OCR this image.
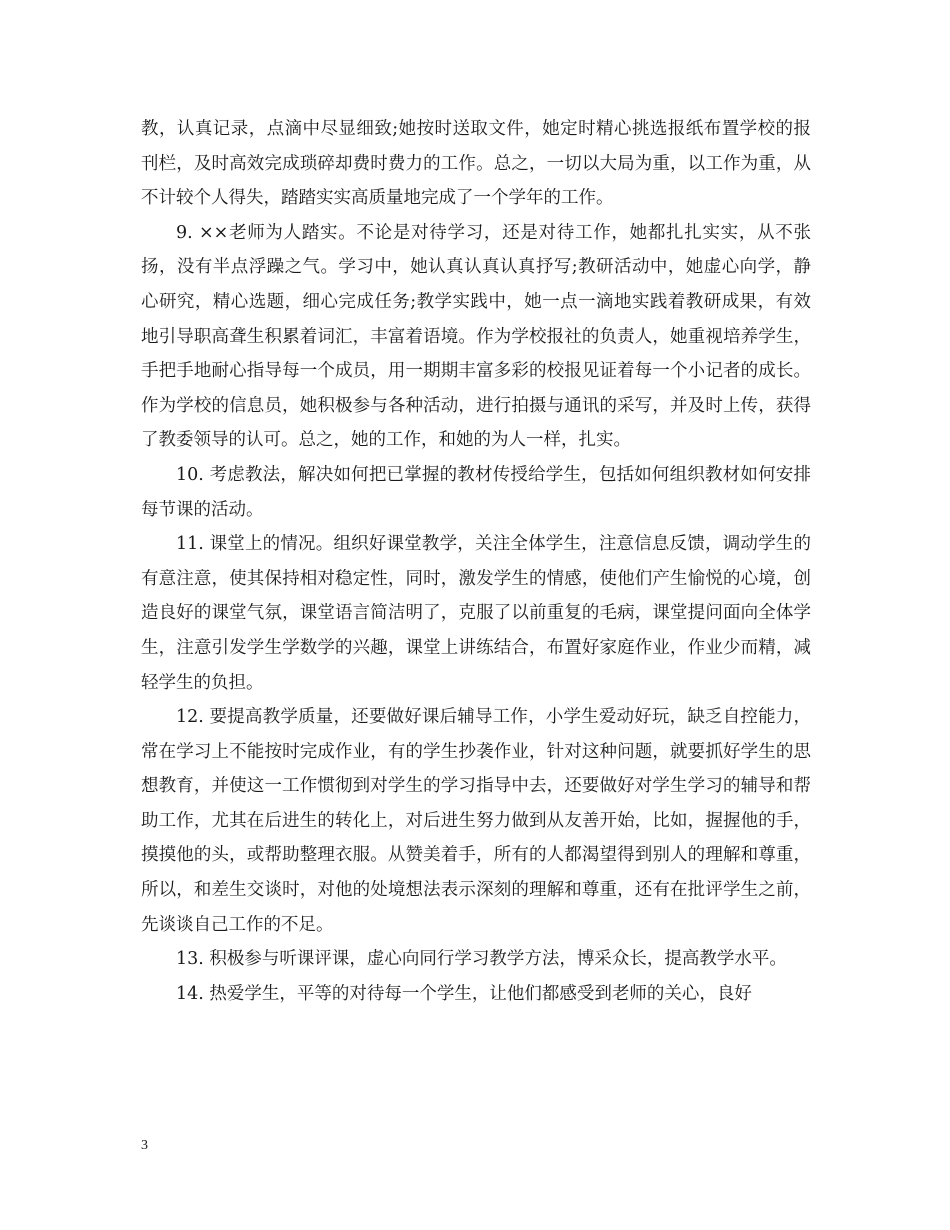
教，认真记录，点滴中尽显细致;她按时送取文件，她定时精心挑选报纸布置学校的报刊栏，及时高效完成琐碎却费时费力的工作。总之，一切以大局为重，以工作为重，从不计较个人得失，踏踏实实高质量地完成了一个学年的工作。

9. ××老师为人踏实。不论是对待学习，还是对待工作，她都扎扎实实，从不张扬，没有半点浮躁之气。学习中，她认真认真认真抒写;教研活动中，她虚心向学，静心研究，精心选题，细心完成任务;教学实践中，她一点一滴地实践着教研成果，有效地引导职高聋生积累着词汇，丰富着语境。作为学校报社的负责人，她重视培养学生，手把手地耐心指导每一个成员，用一期期丰富多彩的校报见证着每一个小记者的成长。作为学校的信息员，她积极参与各种活动，进行拍摄与通讯的采写，并及时上传，获得了教委领导的认可。总之，她的工作，和她的为人一样，扎实。

10. 考虑教法，解决如何把已掌握的教材传授给学生，包括如何组织教材如何安排每节课的活动。

11. 课堂上的情况。组织好课堂教学，关注全体学生，注意信息反馈，调动学生的有意注意，使其保持相对稳定性，同时，激发学生的情感，使他们产生愉悦的心境，创造良好的课堂气氛，课堂语言简洁明了，克服了以前重复的毛病，课堂提问面向全体学生，注意引发学生学数学的兴趣，课堂上讲练结合，布置好家庭作业，作业少而精，减轻学生的负担。

12. 要提高教学质量，还要做好课后辅导工作，小学生爱动好玩，缺乏自控能力，常在学习上不能按时完成作业，有的学生抄袭作业，针对这种问题，就要抓好学生的思想教育，并使这一工作惯彻到对学生的学习指导中去，还要做好对学生学习的辅导和帮助工作，尤其在后进生的转化上，对后进生努力做到从友善开始，比如，握握他的手，摸摸他的头，或帮助整理衣服。从赞美着手，所有的人都渴望得到别人的理解和尊重，所以，和差生交谈时，对他的处境想法表示深刻的理解和尊重，还有在批评学生之前，先谈谈自己工作的不足。

13. 积极参与听课评课，虚心向同行学习教学方法，博采众长，提高教学水平。

14. 热爱学生，平等的对待每一个学生，让他们都感受到老师的关心，良好

3
